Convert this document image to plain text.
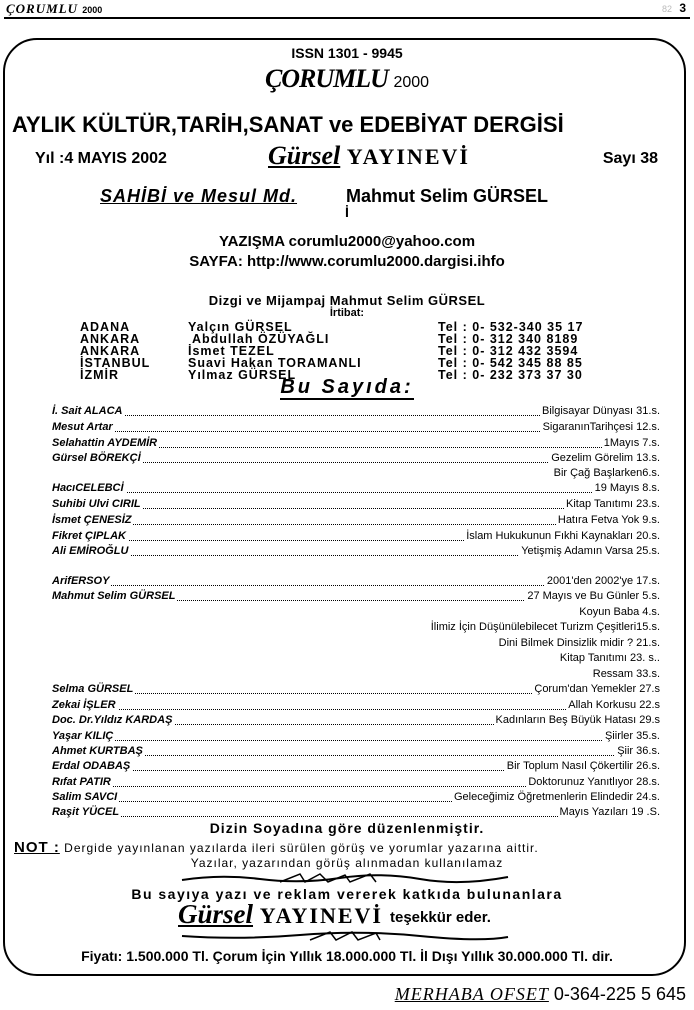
ÇORUMLU 2000	82 3
ISSN 1301 - 9945
ÇORUMLU 2000
AYLIK KÜLTÜR,TARİH,SANAT ve EDEBİYAT DERGİSİ
Yıl :4 MAYIS 2002	Gürsel YAYINEVİ	Sayı 38
SAHİBİ ve Mesul Md.	Mahmut Selim GÜRSEL
İ
YAZIŞMA corumlu2000@yahoo.com
SAYFA: http://www.corumlu2000.dargisi.ihfo
Dizgi ve Mijampaj Mahmut Selim GÜRSEL
İrtibat:
ADANA	Yalçın GÜRSEL	Tel : 0- 532-340 35 17
ANKARA	Abdullah ÖZÜYAĞLI	Tel : 0- 312 340 8189
ANKARA	İsmet TEZEL	Tel : 0- 312 432 3594
İSTANBUL	Suavi Hakan TORAMANLI	Tel : 0- 542 345 88 85
İZMİR	Yılmaz GÜRSEL	Tel : 0- 232 373 37 30
Bu Sayıda:
İ. Sait ALACA	Bilgisayar Dünyası 31.s.
Mesut Artar	SigaranınTarihçesi 12.s.
Selahattin AYDEMİR	1Mayıs 7.s.
Gürsel BÖREKÇİ	Gezelim Görelim 13.s.
Bir Çağ Başlarken6.s.
HacıCELEBCİ	19 Mayıs 8.s.
Suhibi Ulvi CIRIL	Kitap Tanıtımı 23.s.
İsmet ÇENESİZ	Hatıra Fetva Yok 9.s.
Fikret ÇIPLAK	İslam Hukukunun Fıkhi Kaynakları 20.s.
Ali EMİROĞLU	Yetişmiş Adamın Varsa 25.s.
ArifERSOY	2001'den 2002'ye 17.s.
Mahmut Selim GÜRSEL	27 Mayıs ve Bu Günler 5.s.
Koyun Baba 4.s.
İlimiz İçin Düşünülebilecet Turizm Çeşitleri15.s.
Dini Bilmek Dinsizlik midir ? 21.s.
Kitap Tanıtımı 23. s..
Ressam 33.s.
Selma GÜRSEL	Çorum'dan Yemekler 27.s
Zekai İŞLER	Allah Korkusu 22.s
Doc. Dr.Yıldız KARDAŞ	Kadınların Beş Büyük Hatası 29.s
Yaşar KILIÇ	Şiirler 35.s.
Ahmet KURTBAŞ	Şiir 36.s.
Erdal ODABAŞ	Bir Toplum Nasıl Çökertilir 26.s.
Rıfat PATIR	Doktorunuz Yanıtlıyor 28.s.
Salim SAVCI	Geleceğimiz Öğretmenlerin Elindedir 24.s.
Raşit YÜCEL	Mayıs Yazıları 19 .S.
Dizin Soyadına göre düzenlenmiştir.
NOT : Dergide yayınlanan yazılarda ileri sürülen görüş ve yorumlar yazarına aittir.
Yazılar, yazarından görüş alınmadan kullanılamaz
Bu sayıya yazı ve reklam vererek katkıda bulunanlara
Gürsel YAYINEVİ teşekkür eder.
Fiyatı: 1.500.000 Tl. Çorum İçin Yıllık 18.000.000 Tl. İl Dışı Yıllık 30.000.000 Tl. dir.
MERHABA OFSET 0-364-225 5 645
